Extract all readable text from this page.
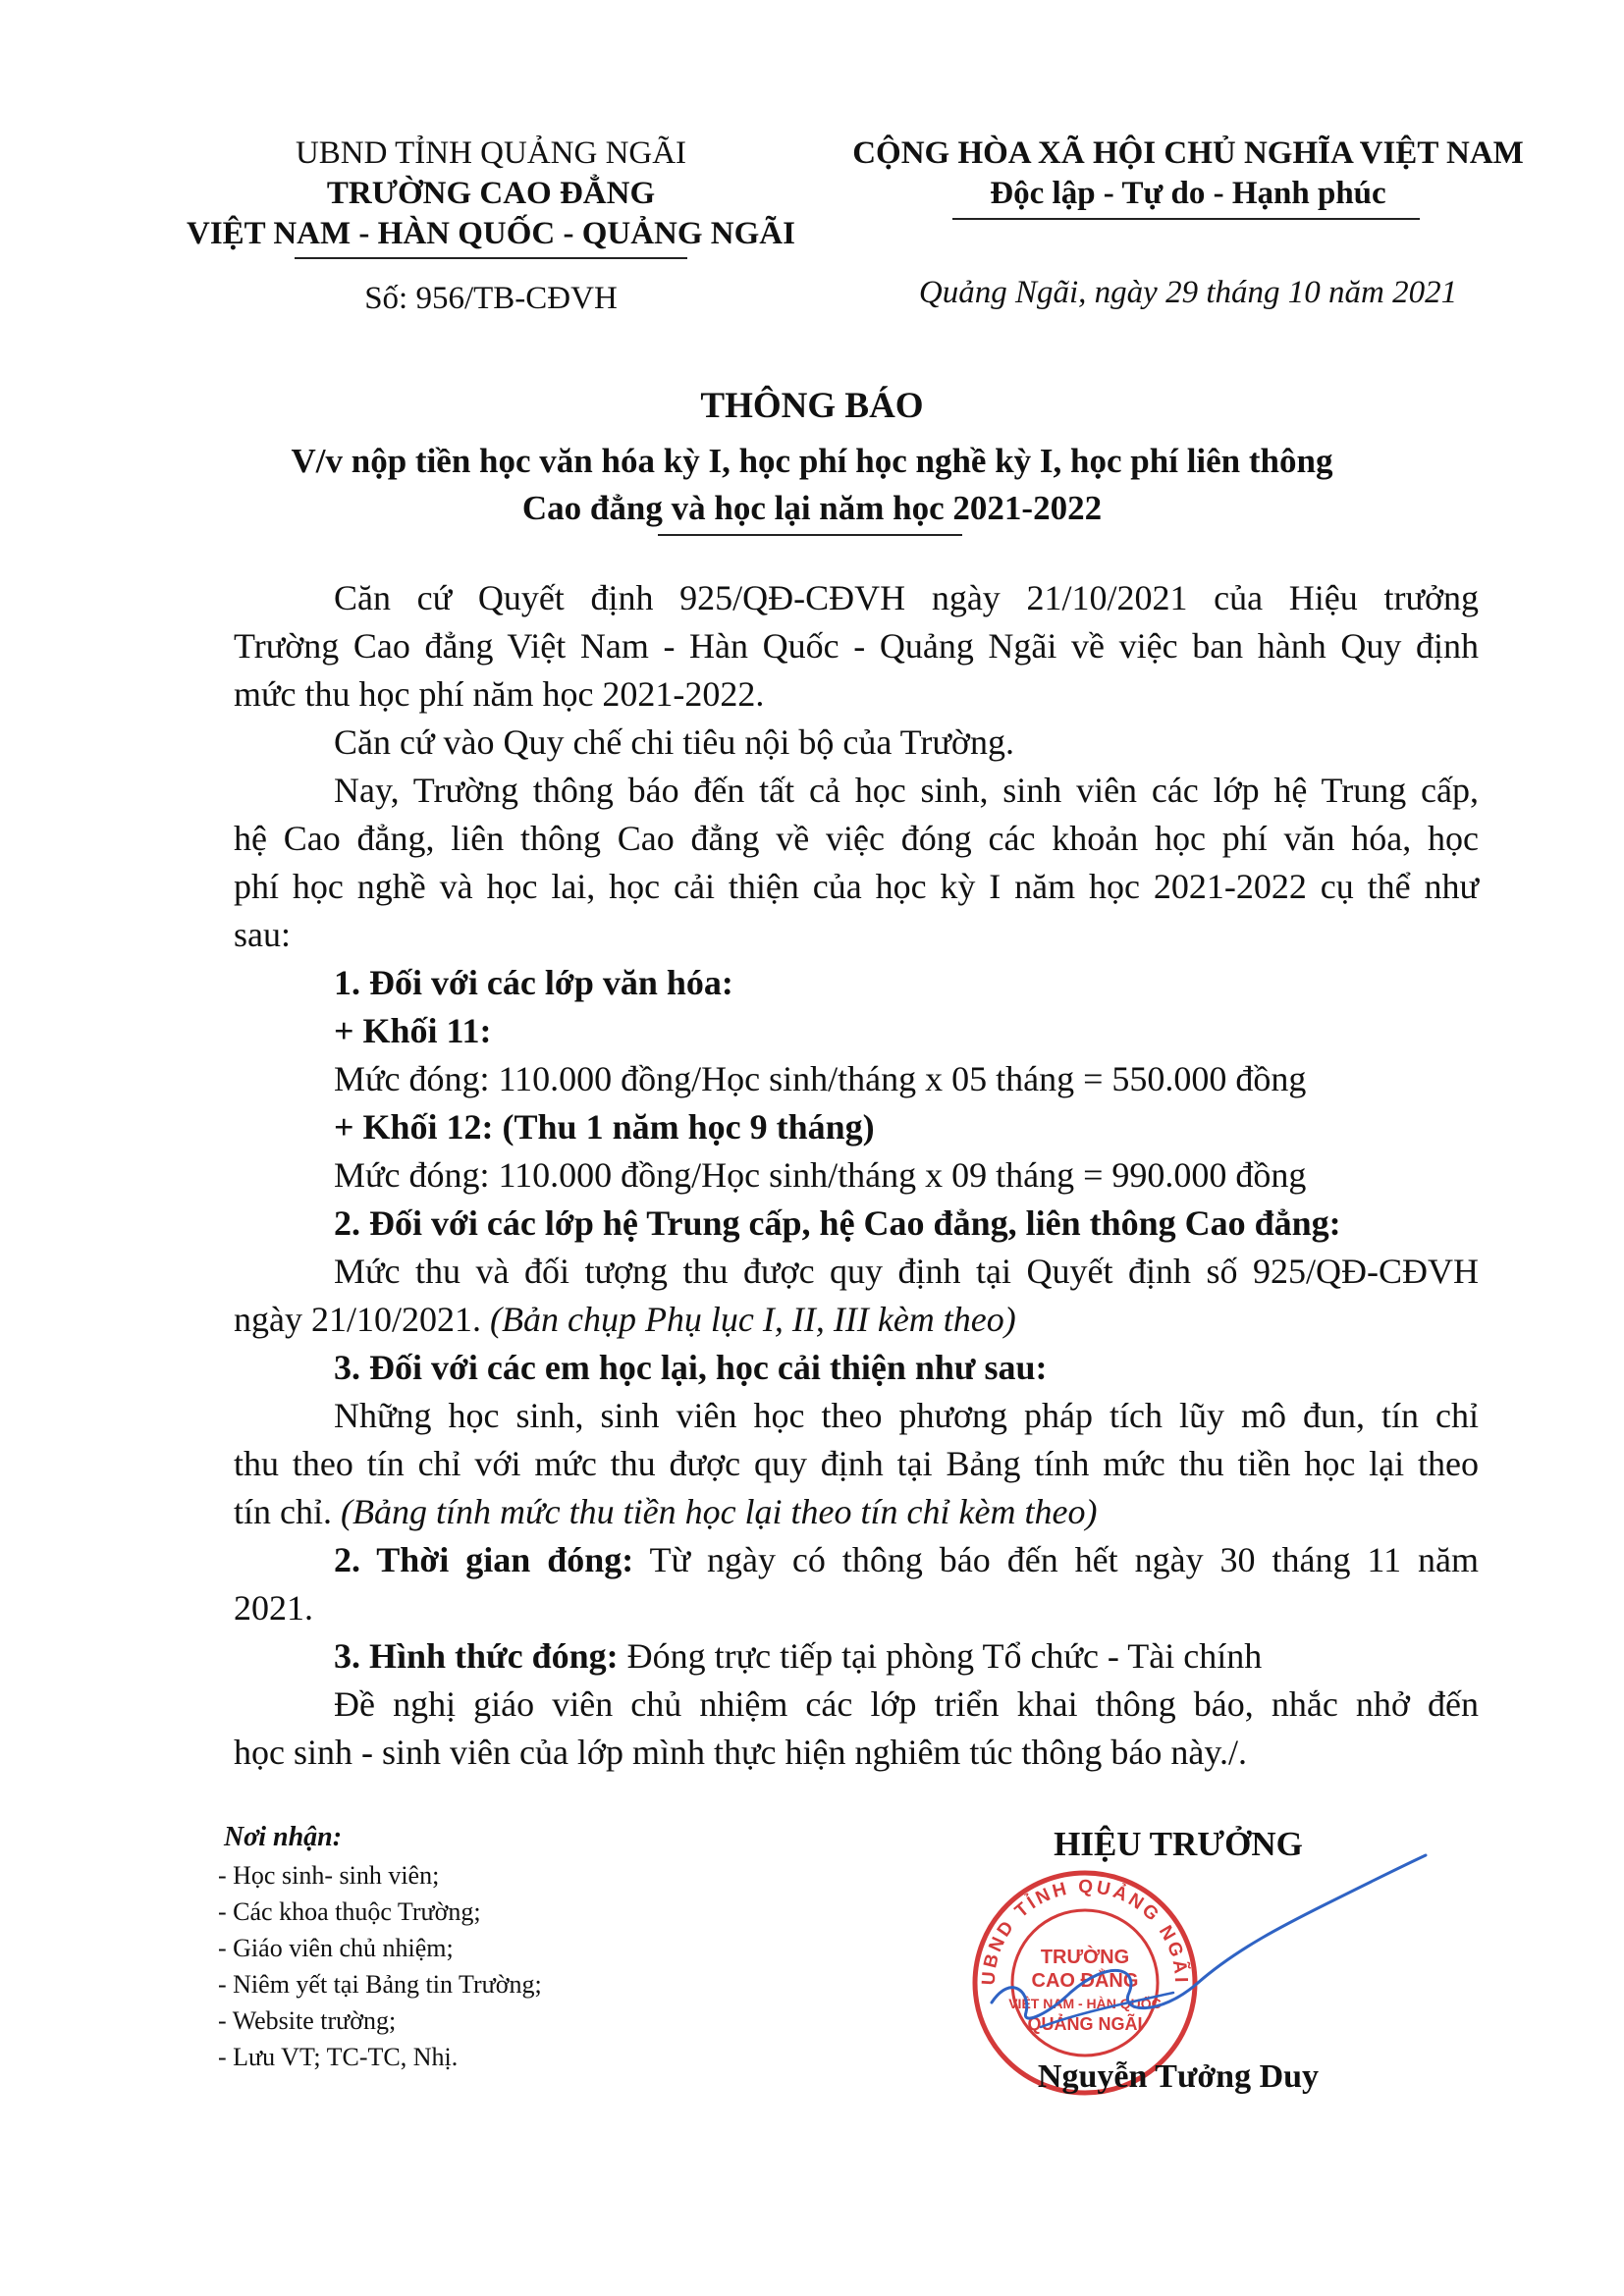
UBND TỈNH QUẢNG NGÃI
TRƯỜNG CAO ĐẲNG
VIỆT NAM - HÀN QUỐC - QUẢNG NGÃI
Số: 956/TB-CĐVH
CỘNG HÒA XÃ HỘI CHỦ NGHĨA VIỆT NAM
Độc lập - Tự do - Hạnh phúc
Quảng Ngãi, ngày 29 tháng 10 năm 2021
THÔNG BÁO
V/v nộp tiền học văn hóa kỳ I, học phí học nghề kỳ I, học phí liên thông
Cao đẳng và học lại năm học 2021-2022
Căn cứ Quyết định 925/QĐ-CĐVH ngày 21/10/2021 của Hiệu trưởng
Trường Cao đẳng Việt Nam - Hàn Quốc - Quảng Ngãi về việc ban hành Quy định
mức thu học phí năm học 2021-2022.
Căn cứ vào Quy chế chi tiêu nội bộ của Trường.
Nay, Trường thông báo đến tất cả học sinh, sinh viên các lớp hệ Trung cấp,
hệ Cao đẳng, liên thông Cao đẳng về việc đóng các khoản học phí văn hóa, học
phí học nghề và học lai, học cải thiện của học kỳ I năm học 2021-2022 cụ thể như
sau:
1. Đối với các lớp văn hóa:
+ Khối 11:
Mức đóng: 110.000 đồng/Học sinh/tháng x 05 tháng = 550.000 đồng
+ Khối 12: (Thu 1 năm học 9 tháng)
Mức đóng: 110.000 đồng/Học sinh/tháng x 09 tháng = 990.000 đồng
2. Đối với các lớp hệ Trung cấp, hệ Cao đẳng, liên thông Cao đẳng:
Mức thu và đối tượng thu được quy định tại Quyết định số 925/QĐ-CĐVH
ngày 21/10/2021. (Bản chụp Phụ lục I, II, III kèm theo)
3. Đối với các em học lại, học cải thiện như sau:
Những học sinh, sinh viên học theo phương pháp tích lũy mô đun, tín chỉ
thu theo tín chỉ với mức thu được quy định tại Bảng tính mức thu tiền học lại theo
tín chỉ. (Bảng tính mức thu tiền học lại theo tín chỉ kèm theo)
2. Thời gian đóng: Từ ngày có thông báo đến hết ngày 30 tháng 11 năm
2021.
3. Hình thức đóng: Đóng trực tiếp tại phòng Tổ chức - Tài chính
Đề nghị giáo viên chủ nhiệm các lớp triển khai thông báo, nhắc nhở đến
học sinh - sinh viên của lớp mình thực hiện nghiêm túc thông báo này./.
Nơi nhận:
- Học sinh- sinh viên;
- Các khoa thuộc Trường;
- Giáo viên chủ nhiệm;
- Niêm yết tại Bảng tin Trường;
- Website trường;
- Lưu VT; TC-TC, Nhị.
HIỆU TRƯỞNG
UBND TỈNH QUẢNG NGÃI
TRƯỜNG
CAO ĐẲNG
VIỆT NAM - HÀN QUỐC
QUẢNG NGÃI
Nguyễn Tưởng Duy
